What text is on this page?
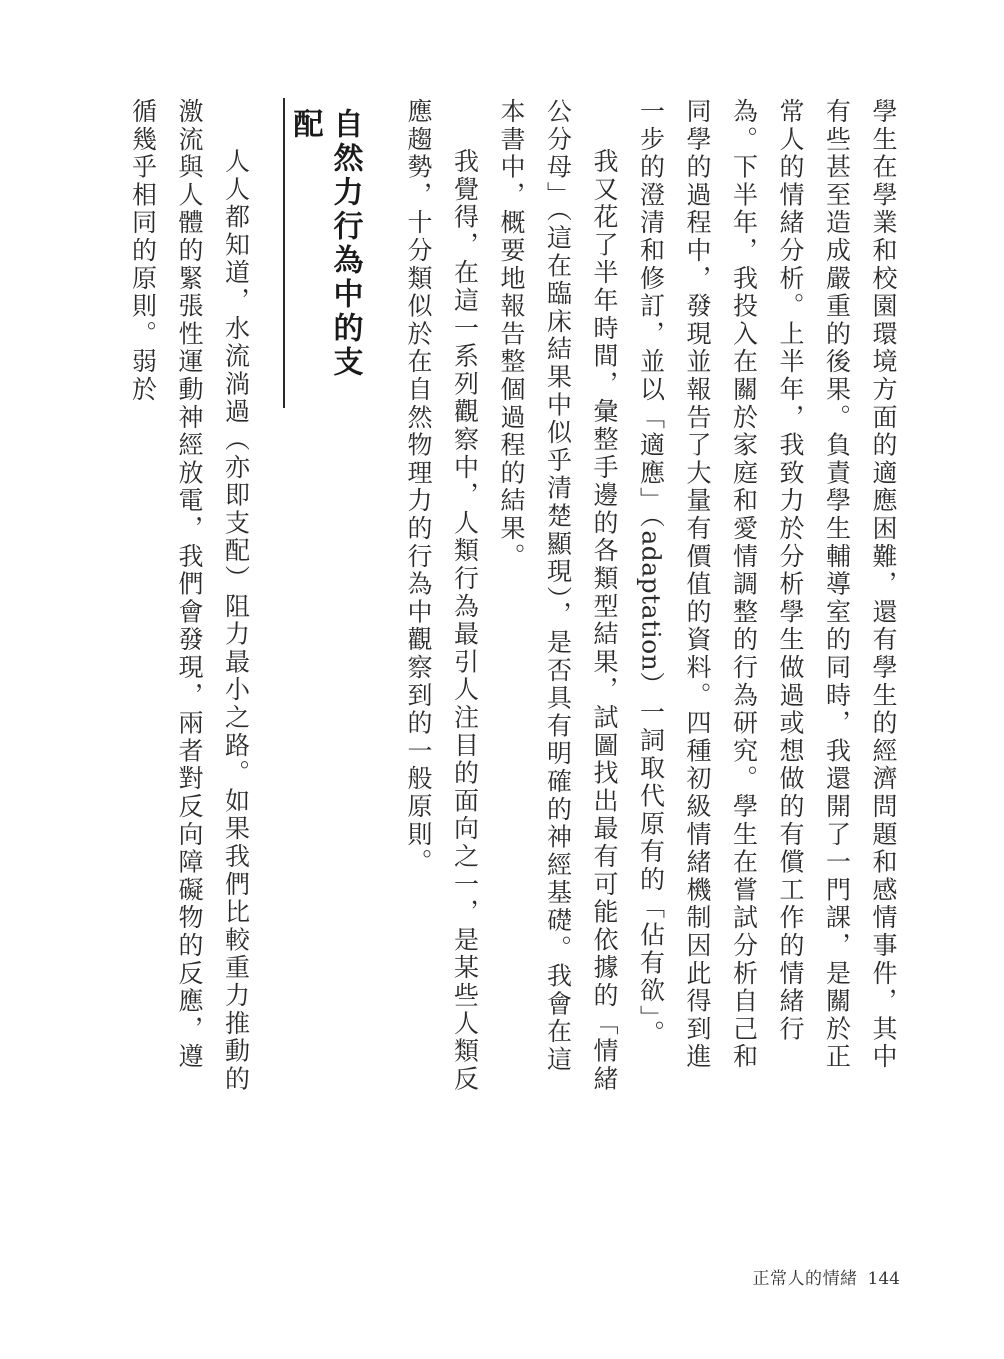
學生在學業和校園環境方面的適應困難，還有學生的經濟問題和感情事件，其中有些甚至造成嚴重的後果。負責學生輔導室的同時，我還開了一門課，是關於正常人的情緒分析。上半年，我致力於分析學生做過或想做的有償工作的情緒行為。下半年，我投入在關於家庭和愛情調整的行為研究。學生在嘗試分析自己和同學的過程中，發現並報告了大量有價值的資料。四種初級情緒機制因此得到進一步的澄清和修訂，並以「適應」（adaptation）一詞取代原有的「佔有欲」。

我又花了半年時間，彙整手邊的各類型結果，試圖找出最有可能依據的「情緒公分母」（這在臨床結果中似乎清楚顯現），是否具有明確的神經基礎。我會在這本書中，概要地報告整個過程的結果。

我覺得，在這一系列觀察中，人類行為最引人注目的面向之一，是某些人類反應趨勢，十分類似於在自然物理力的行為中觀察到的一般原則。

自然力行為中的支配

人人都知道，水流淌過（亦即支配）阻力最小之路。如果我們比較重力推動的激流與人體的緊張性運動神經放電，我們會發現，兩者對反向障礙物的反應，遵循幾乎相同的原則。弱於

正常人的情緒 144
